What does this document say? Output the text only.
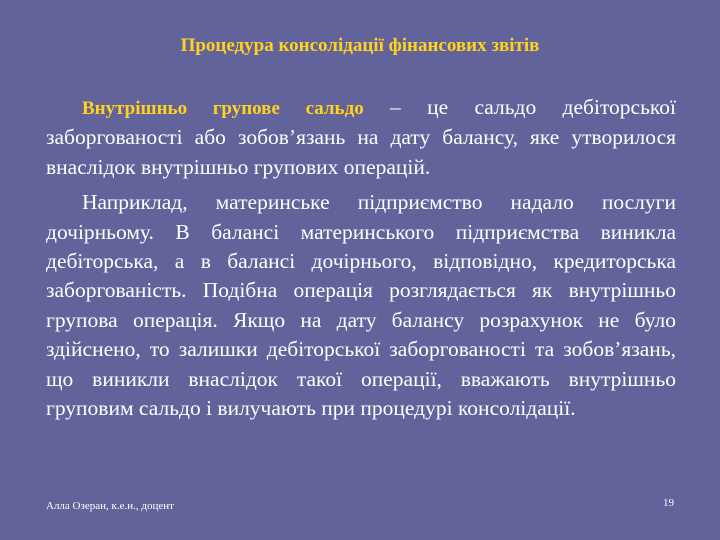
Процедура консолідації фінансових звітів

Внутрішньо групове сальдо – це сальдо дебіторської заборгованості або зобов’язань на дату балансу, яке утворилося внаслідок внутрішньо групових операцій.

Наприклад, материнське підприємство надало послуги дочірньому. В балансі материнського підприємства виникла дебіторська, а в балансі дочірнього, відповідно, кредиторська заборгованість. Подібна операція розглядається як внутрішньо групова операція. Якщо на дату балансу розрахунок не було здійснено, то залишки дебіторської заборгованості та зобов’язань, що виникли внаслідок такої операції, вважають внутрішньо груповим сальдо і вилучають при процедурі консолідації.

Алла Озеран, к.е.н., доцент	19
